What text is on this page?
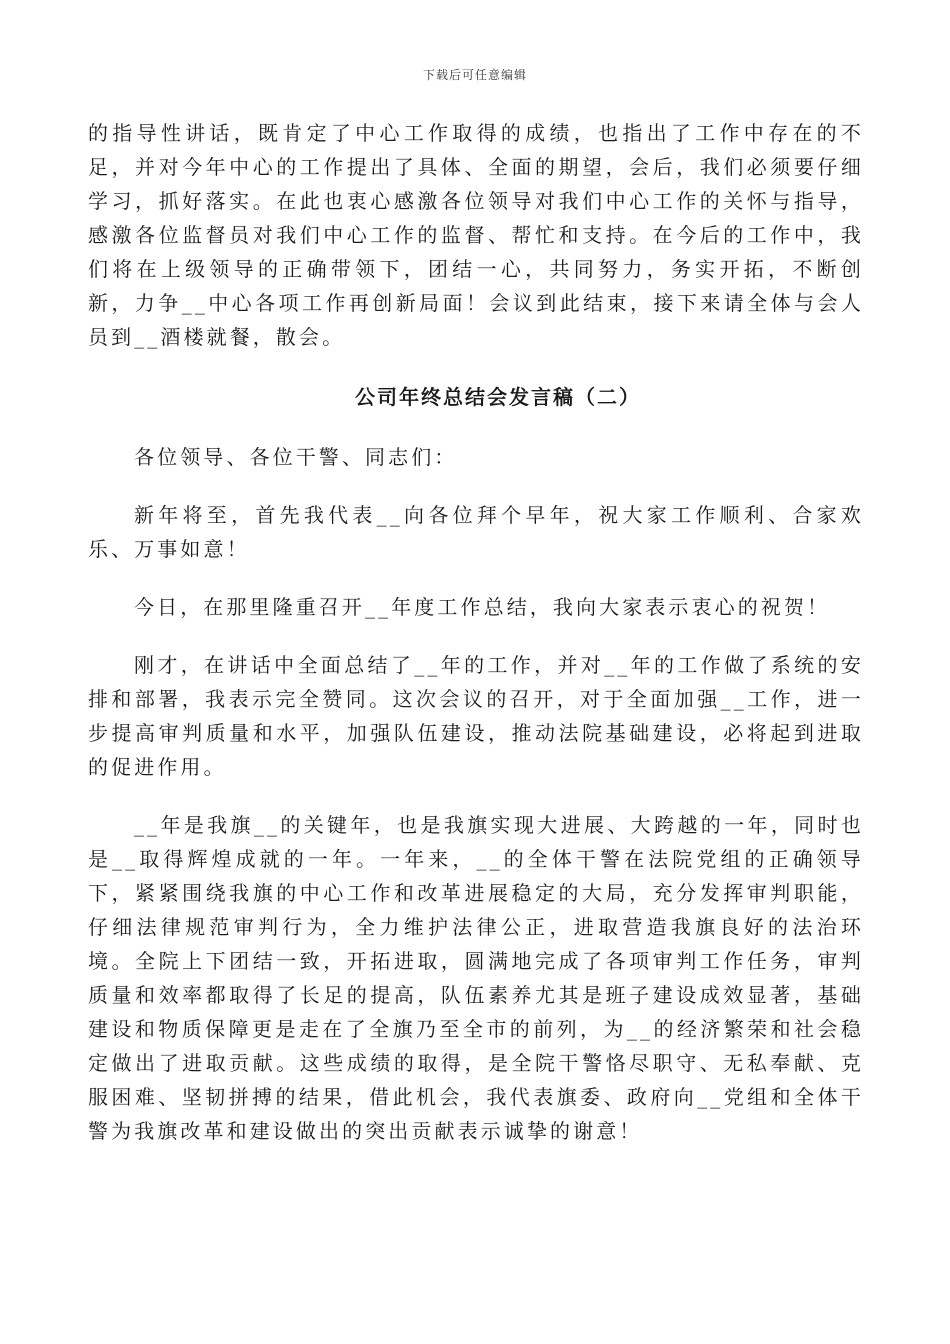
下载后可任意编辑

的指导性讲话，既肯定了中心工作取得的成绩，也指出了工作中存在的不足，并对今年中心的工作提出了具体、全面的期望，会后，我们必须要仔细学习，抓好落实。在此也衷心感激各位领导对我们中心工作的关怀与指导，感激各位监督员对我们中心工作的监督、帮忙和支持。在今后的工作中，我们将在上级领导的正确带领下，团结一心，共同努力，务实开拓，不断创新，力争__中心各项工作再创新局面！会议到此结束，接下来请全体与会人员到__酒楼就餐，散会。

公司年终总结会发言稿（二）

各位领导、各位干警、同志们：

新年将至，首先我代表__向各位拜个早年，祝大家工作顺利、合家欢乐、万事如意！

今日，在那里隆重召开__年度工作总结，我向大家表示衷心的祝贺！

刚才，在讲话中全面总结了__年的工作，并对__年的工作做了系统的安排和部署，我表示完全赞同。这次会议的召开，对于全面加强__工作，进一步提高审判质量和水平，加强队伍建设，推动法院基础建设，必将起到进取的促进作用。

__年是我旗__的关键年，也是我旗实现大进展、大跨越的一年，同时也是__取得辉煌成就的一年。一年来，__的全体干警在法院党组的正确领导下，紧紧围绕我旗的中心工作和改革进展稳定的大局，充分发挥审判职能，仔细法律规范审判行为，全力维护法律公正，进取营造我旗良好的法治环境。全院上下团结一致，开拓进取，圆满地完成了各项审判工作任务，审判质量和效率都取得了长足的提高，队伍素养尤其是班子建设成效显著，基础建设和物质保障更是走在了全旗乃至全市的前列，为__的经济繁荣和社会稳定做出了进取贡献。这些成绩的取得，是全院干警恪尽职守、无私奉献、克服困难、坚韧拼搏的结果，借此机会，我代表旗委、政府向__党组和全体干警为我旗改革和建设做出的突出贡献表示诚挚的谢意！
